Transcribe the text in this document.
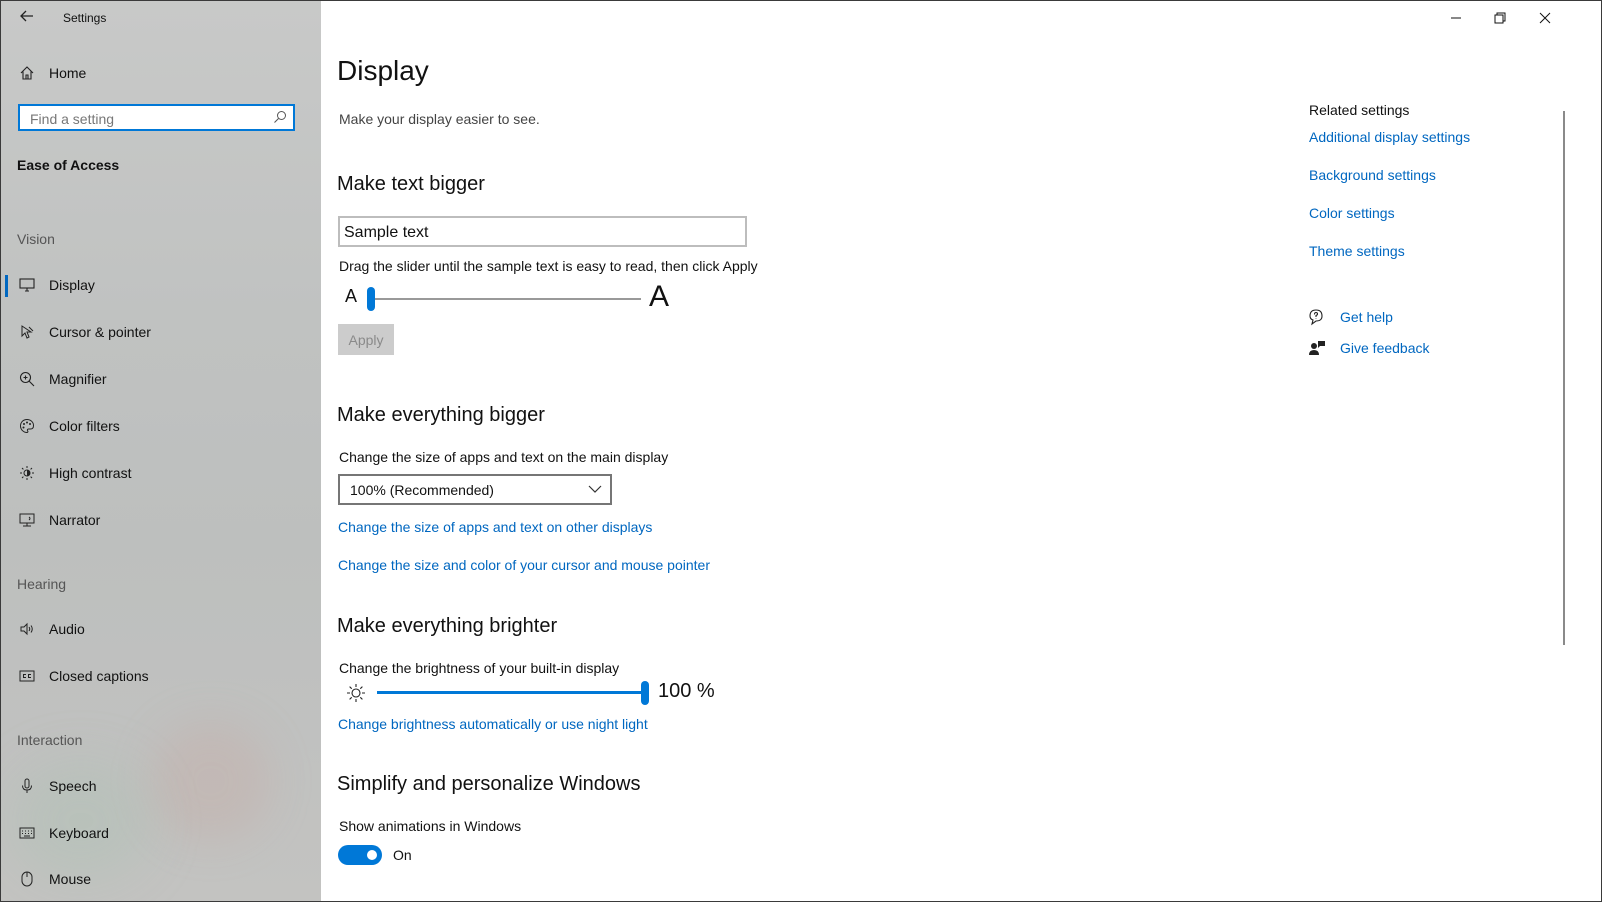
Settings
Home
Find a setting
Ease of Access
Vision
Display
Cursor & pointer
Magnifier
Color filters
High contrast
Narrator
Hearing
Audio
Closed captions
Interaction
Speech
Keyboard
Mouse
Display
Make your display easier to see.
Make text bigger
Sample text
Drag the slider until the sample text is easy to read, then click Apply
A	A
Apply
Make everything bigger
Change the size of apps and text on the main display
100% (Recommended)
Change the size of apps and text on other displays
Change the size and color of your cursor and mouse pointer
Make everything brighter
Change the brightness of your built-in display
100 %
Change brightness automatically or use night light
Simplify and personalize Windows
Show animations in Windows
On
Related settings
Additional display settings
Background settings
Color settings
Theme settings
Get help
Give feedback
